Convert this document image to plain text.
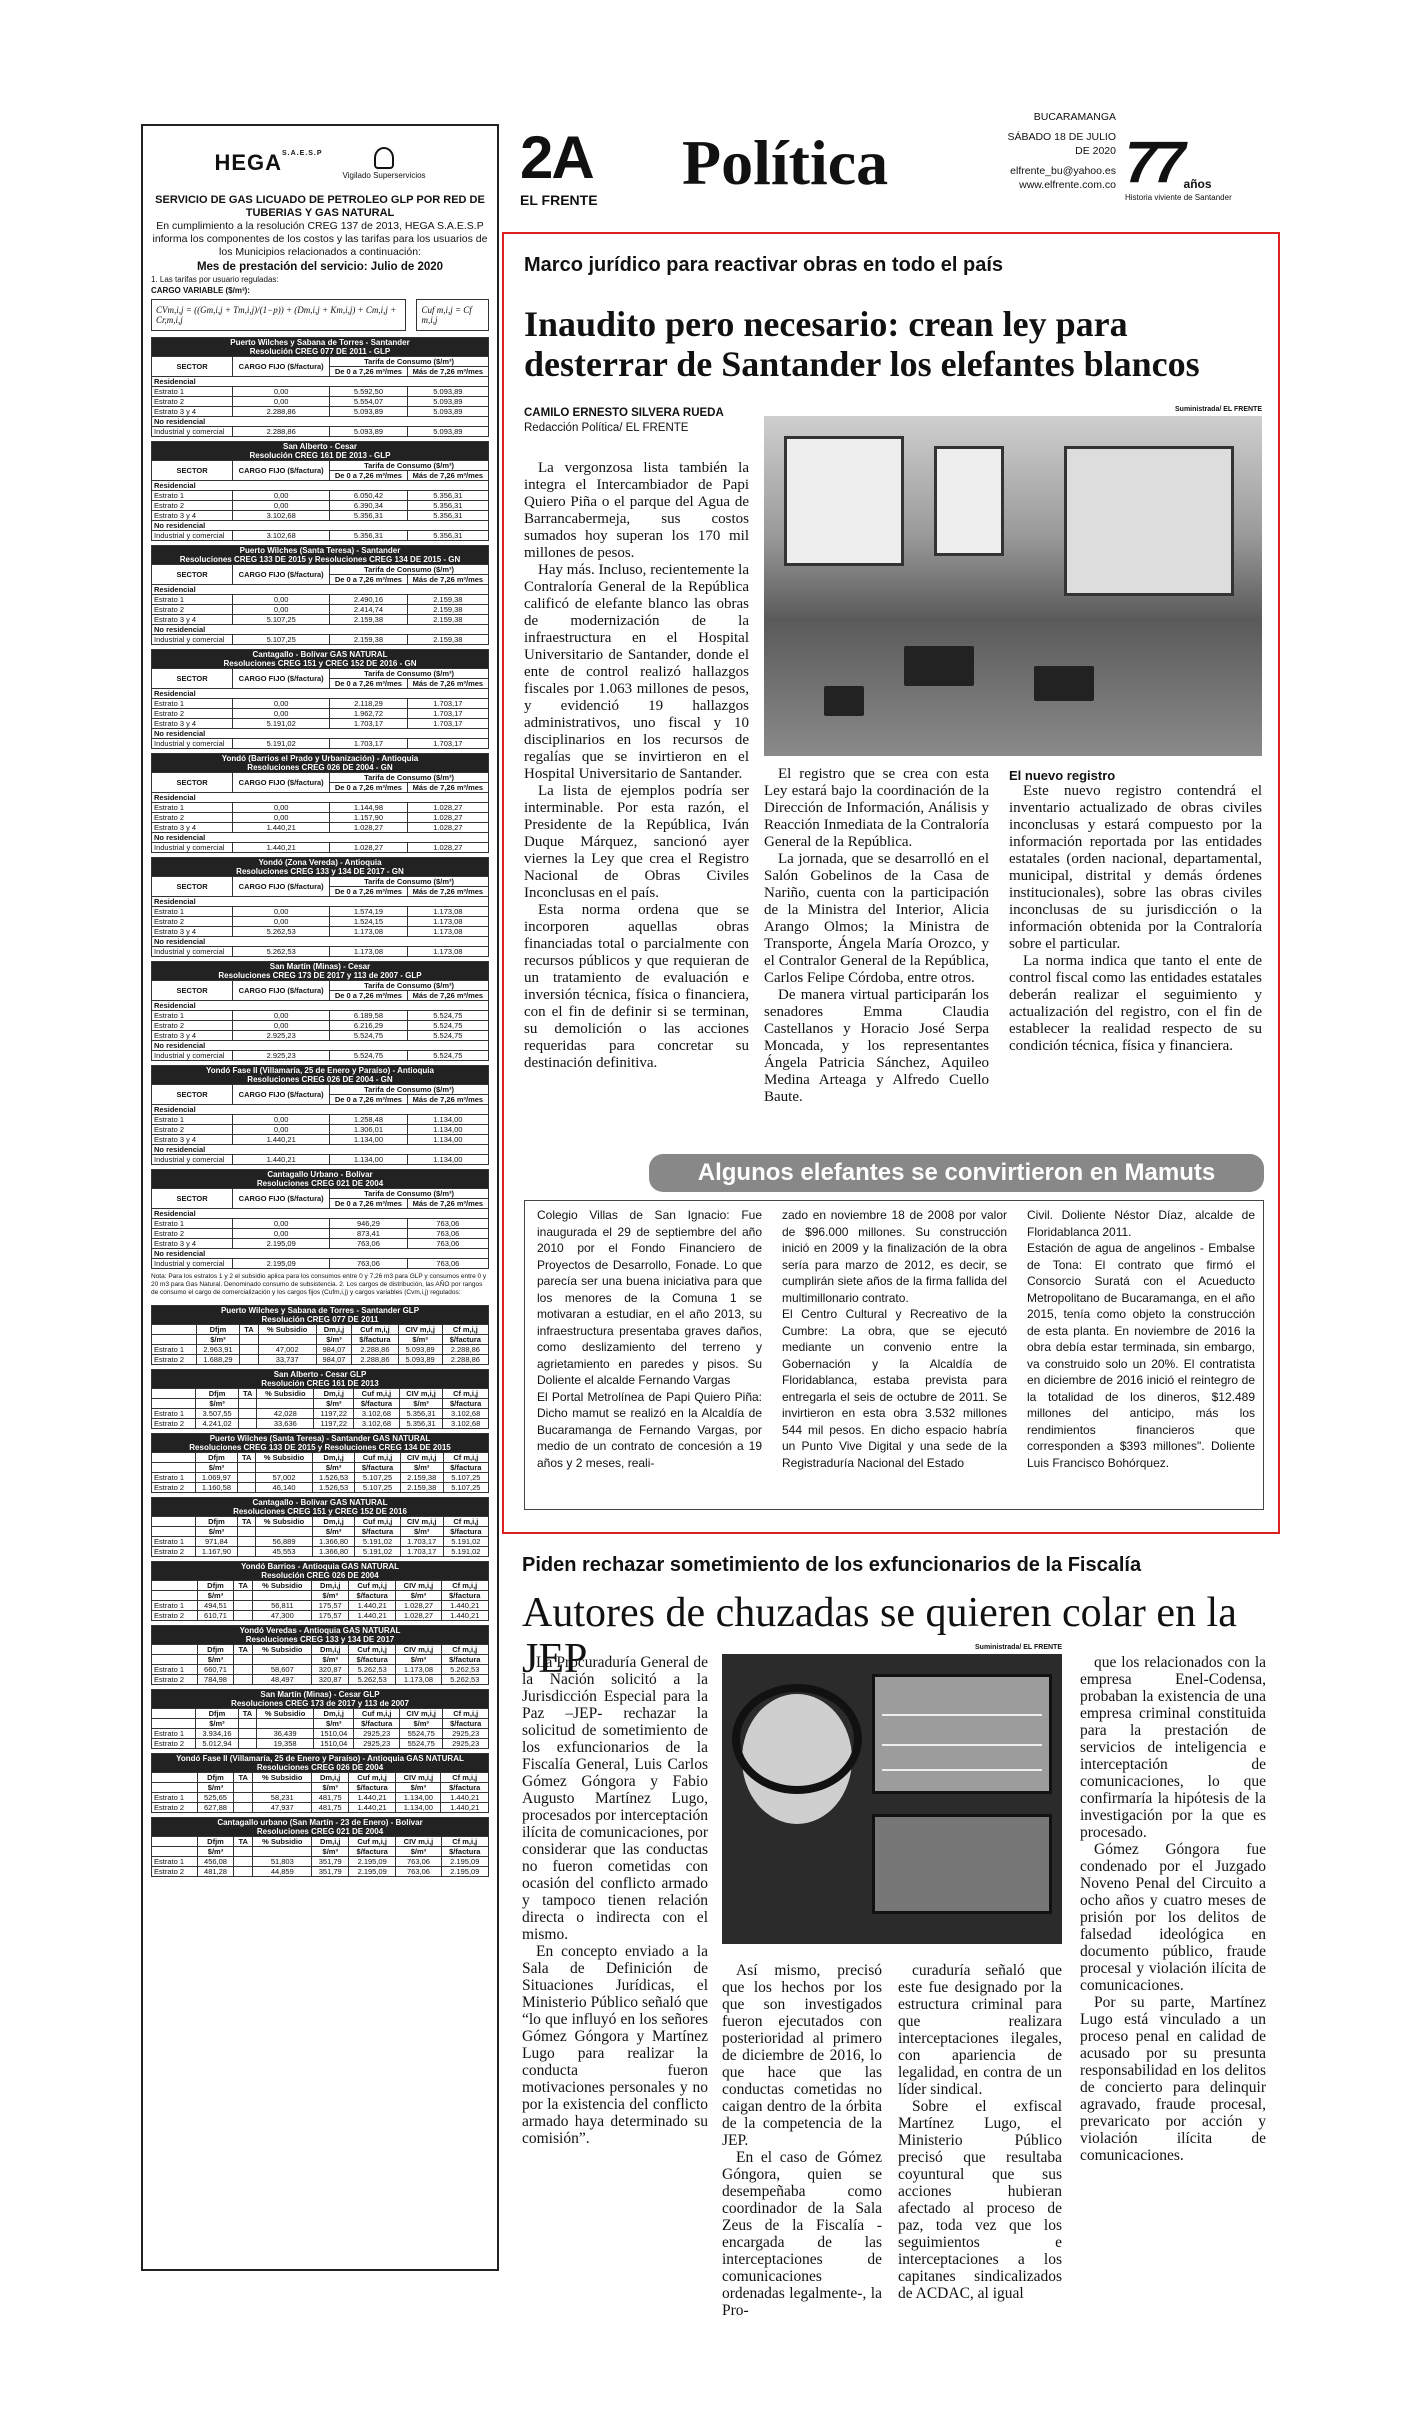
$HEGA^{S.A.E.S.P}$
Vigilado Superservicios
SERVICIO DE GAS LICUADO DE PETROLEO GLP POR RED DE TUBERIAS Y GAS NATURAL
En cumplimiento a la resolución CREG 137 de 2013, HEGA S.A.E.S.P informa los componentes de los costos y las tarifas para los usuarios de los Municipios relacionados a continuación:
Mes de prestación del servicio: Julio de 2020
1. Las tarifas por usuario reguladas:
CARGO VARIABLE ($/m³):
CVm,i,j = ((Gm,i,j + Tm,i,j)/(1−p)) + (Dm,i,j + Km,i,j) + Cm,i,j + Cr,m,i,j
Cuf m,i,j = Cf m,i,j
Puerto Wilches y Sabana de Torres - Santander
Resolución CREG 077 DE 2011 - GLP			
SECTOR	CARGO FIJO ($/factura)	Tarifa de Consumo ($/m³)	
		De 0 a 7,26 m³/mes	Más de 7,26 m³/mes
Residencial			
Estrato 1	0,00	5.592,50	5.093,89
Estrato 2	0,00	5.554,07	5.093,89
Estrato 3 y 4	2.288,86	5.093,89	5.093,89
No residencial			
Industrial y comercial	2.288,86	5.093,89	5.093,89
San Alberto - Cesar
Resolución CREG 161 DE 2013 - GLP			
SECTOR	CARGO FIJO ($/factura)	Tarifa de Consumo ($/m³)	
		De 0 a 7,26 m³/mes	Más de 7,26 m³/mes
Residencial			
Estrato 1	0,00	6.050,42	5.356,31
Estrato 2	0,00	6.390,34	5.356,31
Estrato 3 y 4	3.102,68	5.356,31	5.356,31
No residencial			
Industrial y comercial	3.102,68	5.356,31	5.356,31
Puerto Wilches (Santa Teresa) - Santander
Resoluciones CREG 133 DE 2015 y Resoluciones CREG 134 DE 2015 - GN			
SECTOR	CARGO FIJO ($/factura)	Tarifa de Consumo ($/m³)	
		De 0 a 7,26 m³/mes	Más de 7,26 m³/mes
Residencial			
Estrato 1	0,00	2.490,16	2.159,38
Estrato 2	0,00	2.414,74	2.159,38
Estrato 3 y 4	5.107,25	2.159,38	2.159,38
No residencial			
Industrial y comercial	5.107,25	2.159,38	2.159,38
Cantagallo - Bolívar GAS NATURAL
Resoluciones CREG 151 y CREG 152 DE 2016 - GN			
SECTOR	CARGO FIJO ($/factura)	Tarifa de Consumo ($/m³)	
		De 0 a 7,26 m³/mes	Más de 7,26 m³/mes
Residencial			
Estrato 1	0,00	2.118,29	1.703,17
Estrato 2	0,00	1.962,72	1.703,17
Estrato 3 y 4	5.191,02	1.703,17	1.703,17
No residencial			
Industrial y comercial	5.191,02	1.703,17	1.703,17
Yondó (Barrios el Prado y Urbanización) - Antioquia
Resoluciones CREG 026 DE 2004 - GN			
SECTOR	CARGO FIJO ($/factura)	Tarifa de Consumo ($/m³)	
		De 0 a 7,26 m³/mes	Más de 7,26 m³/mes
Residencial			
Estrato 1	0,00	1.144,98	1.028,27
Estrato 2	0,00	1.157,90	1.028,27
Estrato 3 y 4	1.440,21	1.028,27	1.028,27
No residencial			
Industrial y comercial	1.440,21	1.028,27	1.028,27
Yondó (Zona Vereda) - Antioquia
Resoluciones CREG 133 y 134 DE 2017 - GN			
SECTOR	CARGO FIJO ($/factura)	Tarifa de Consumo ($/m³)	
		De 0 a 7,26 m³/mes	Más de 7,26 m³/mes
Residencial			
Estrato 1	0,00	1.574,19	1.173,08
Estrato 2	0,00	1.524,15	1.173,08
Estrato 3 y 4	5.262,53	1.173,08	1.173,08
No residencial			
Industrial y comercial	5.262,53	1.173,08	1.173,08
San Martín (Minas) - Cesar
Resoluciones CREG 173 DE 2017 y 113 de 2007 - GLP			
SECTOR	CARGO FIJO ($/factura)	Tarifa de Consumo ($/m³)	
		De 0 a 7,26 m³/mes	Más de 7,26 m³/mes
Residencial			
Estrato 1	0,00	6.189,58	5.524,75
Estrato 2	0,00	6.216,29	5.524,75
Estrato 3 y 4	2.925,23	5.524,75	5.524,75
No residencial			
Industrial y comercial	2.925,23	5.524,75	5.524,75
Yondó Fase II (Villamaría, 25 de Enero y Paraíso) - Antioquia
Resoluciones CREG 026 DE 2004 - GN			
SECTOR	CARGO FIJO ($/factura)	Tarifa de Consumo ($/m³)	
		De 0 a 7,26 m³/mes	Más de 7,26 m³/mes
Residencial			
Estrato 1	0,00	1.258,48	1.134,00
Estrato 2	0,00	1.306,01	1.134,00
Estrato 3 y 4	1.440,21	1.134,00	1.134,00
No residencial			
Industrial y comercial	1.440,21	1.134,00	1.134,00
Cantagallo Urbano - Bolívar
Resoluciones CREG 021 DE 2004			
SECTOR	CARGO FIJO ($/factura)	Tarifa de Consumo ($/m³)	
		De 0 a 7,26 m³/mes	Más de 7,26 m³/mes
Residencial			
Estrato 1	0,00	946,29	763,06
Estrato 2	0,00	873,41	763,06
Estrato 3 y 4	2.195,09	763,06	763,06
No residencial			
Industrial y comercial	2.195,09	763,06	763,06
Nota: Para los estratos 1 y 2 el subsidio aplica para los consumos entre 0 y 7,26 m3 para GLP y consumos entre 0 y 20 m3 para Gas Natural. Denominado consumo de subsistencia. 2. Los cargos de distribución, las AÑO por rangos de consumo el cargo de comercialización y los cargos fijos (Cufm,i,j) y cargos variables (Cvm,i,j) regulados:
Puerto Wilches y Sabana de Torres - Santander GLP
Resolución CREG 077 DE 2011							
	Dfjm	TA	% Subsidio	Dm,i,j	Cuf m,i,j	CIV m,i,j	Cf m,i,j
	$/m³			$/m³	$/factura	$/m³	$/factura
Estrato 1	2.963,91		47,002	984,07	2.288,86	5.093,89	2.288,86
Estrato 2	1.688,29		33,737	984,07	2.288,86	5.093,89	2.288,86
San Alberto - Cesar GLP
Resolución CREG 161 DE 2013							
	Dfjm	TA	% Subsidio	Dm,i,j	Cuf m,i,j	CIV m,i,j	Cf m,i,j
	$/m³			$/m³	$/factura	$/m³	$/factura
Estrato 1	3.507,55		42,028	1197,22	3.102,68	5.356,31	3.102,68
Estrato 2	4.241,02		33,636	1197,22	3.102,68	5.356,31	3.102,68
Puerto Wilches (Santa Teresa) - Santander GAS NATURAL
Resoluciones CREG 133 DE 2015 y Resoluciones CREG 134 DE 2015							
	Dfjm	TA	% Subsidio	Dm,i,j	Cuf m,i,j	CIV m,i,j	Cf m,i,j
	$/m³			$/m³	$/factura	$/m³	$/factura
Estrato 1	1.069,97		57,002	1.526,53	5.107,25	2.159,38	5.107,25
Estrato 2	1.160,58		46,140	1.526,53	5.107,25	2.159,38	5.107,25
Cantagallo - Bolívar GAS NATURAL
Resoluciones CREG 151 y CREG 152 DE 2016							
	Dfjm	TA	% Subsidio	Dm,i,j	Cuf m,i,j	CIV m,i,j	Cf m,i,j
	$/m³			$/m³	$/factura	$/m³	$/factura
Estrato 1	971,84		56,889	1.366,80	5.191,02	1.703,17	5.191,02
Estrato 2	1.167,90		45,553	1.366,80	5.191,02	1.703,17	5.191,02
Yondó Barrios - Antioquia GAS NATURAL
Resolución CREG 026 DE 2004							
	Dfjm	TA	% Subsidio	Dm,i,j	Cuf m,i,j	CIV m,i,j	Cf m,i,j
	$/m³			$/m³	$/factura	$/m³	$/factura
Estrato 1	494,51		56,811	175,57	1.440,21	1.028,27	1.440,21
Estrato 2	610,71		47,300	175,57	1.440,21	1.028,27	1.440,21
Yondó Veredas - Antioquia GAS NATURAL
Resoluciones CREG 133 y 134 DE 2017							
	Dfjm	TA	% Subsidio	Dm,i,j	Cuf m,i,j	CIV m,i,j	Cf m,i,j
	$/m³			$/m³	$/factura	$/m³	$/factura
Estrato 1	660,71		58,607	320,87	5.262,53	1.173,08	5.262,53
Estrato 2	784,98		48,497	320,87	5.262,53	1.173,08	5.262,53
San Martín (Minas) - Cesar GLP
Resoluciones CREG 173 de 2017 y 113 de 2007							
	Dfjm	TA	% Subsidio	Dm,i,j	Cuf m,i,j	CIV m,i,j	Cf m,i,j
	$/m³			$/m³	$/factura	$/m³	$/factura
Estrato 1	3.934,16		36,439	1510,04	2925,23	5524,75	2925,23
Estrato 2	5.012,94		19,358	1510,04	2925,23	5524,75	2925,23
Yondó Fase II (Villamaría, 25 de Enero y Paraíso) - Antioquia GAS NATURAL
Resoluciones CREG 026 DE 2004							
	Dfjm	TA	% Subsidio	Dm,i,j	Cuf m,i,j	CIV m,i,j	Cf m,i,j
	$/m³			$/m³	$/factura	$/m³	$/factura
Estrato 1	525,65		58,231	481,75	1.440,21	1.134,00	1.440,21
Estrato 2	627,88		47,937	481,75	1.440,21	1.134,00	1.440,21
Cantagallo urbano (San Martín - 23 de Enero) - Bolívar
Resoluciones CREG 021 DE 2004							
	Dfjm	TA	% Subsidio	Dm,i,j	Cuf m,i,j	CIV m,i,j	Cf m,i,j
	$/m³			$/m³	$/factura	$/m³	$/factura
Estrato 1	456,08		51,803	351,79	2.195,09	763,06	2.195,09
Estrato 2	481,28		44,859	351,79	2.195,09	763,06	2.195,09
2A
EL FRENTE
Política
BUCARAMANGA
SÁBADO 18 DE JULIO DE 2020
elfrente_bu@yahoo.es
www.elfrente.com.co 77 años
Historia viviente de Santander
Marco jurídico para reactivar obras en todo el país
Inaudito pero necesario: crean ley para desterrar de Santander los elefantes blancos
CAMILO ERNESTO SILVERA RUEDA
Redacción Política/ EL FRENTE
Suministrada/ EL FRENTE

La vergonzosa lista también la integra el Intercambiador de Papi Quiero Piña o el parque del Agua de Barrancabermeja, sus costos sumados hoy superan los 170 mil millones de pesos.

Hay más. Incluso, recientemente la Contraloría General de la República calificó de elefante blanco las obras de modernización de la infraestructura en el Hospital Universitario de Santander, donde el ente de control realizó hallazgos fiscales por 1.063 millones de pesos, y evidenció 19 hallazgos administrativos, uno fiscal y 10 disciplinarios en los recursos de regalías que se invirtieron en el Hospital Universitario de Santander.

La lista de ejemplos podría ser interminable. Por esta razón, el Presidente de la República, Iván Duque Márquez, sancionó ayer viernes la Ley que crea el Registro Nacional de Obras Civiles Inconclusas en el país.

Esta norma ordena que se incorporen aquellas obras financiadas total o parcialmente con recursos públicos y que requieran de un tratamiento de evaluación e inversión técnica, física o financiera, con el fin de definir si se terminan, su demolición o las acciones requeridas para concretar su destinación definitiva.

El registro que se crea con esta Ley estará bajo la coordinación de la Dirección de Información, Análisis y Reacción Inmediata de la Contraloría General de la República.

La jornada, que se desarrolló en el Salón Gobelinos de la Casa de Nariño, cuenta con la participación de la Ministra del Interior, Alicia Arango Olmos; la Ministra de Transporte, Ángela María Orozco, y el Contralor General de la República, Carlos Felipe Córdoba, entre otros.

De manera virtual participarán los senadores Emma Claudia Castellanos y Horacio José Serpa Moncada, y los representantes Ángela Patricia Sánchez, Aquileo Medina Arteaga y Alfredo Cuello Baute.

El nuevo registro

Este nuevo registro contendrá el inventario actualizado de obras civiles inconclusas y estará compuesto por la información reportada por las entidades estatales (orden nacional, departamental, municipal, distrital y demás órdenes institucionales), sobre las obras civiles inconclusas de su jurisdicción o la información obtenida por la Contraloría sobre el particular.

La norma indica que tanto el ente de control fiscal como las entidades estatales deberán realizar el seguimiento y actualización del registro, con el fin de establecer la realidad respecto de su condición técnica, física y financiera.

Algunos elefantes se convirtieron en Mamuts
Colegio Villas de San Ignacio: Fue inaugurada el 29 de septiembre del año 2010 por el Fondo Financiero de Proyectos de Desarrollo, Fonade. Lo que parecía ser una buena iniciativa para que los menores de la Comuna 1 se motivaran a estudiar, en el año 2013, su infraestructura presentaba graves daños, como deslizamiento del terreno y agrietamiento en paredes y pisos. Su Doliente el alcalde Fernando Vargas
El Portal Metrolínea de Papi Quiero Piña: Dicho mamut se realizó en la Alcaldía de Bucaramanga de Fernando Vargas, por medio de un contrato de concesión a 19 años y 2 meses, reali-
zado en noviembre 18 de 2008 por valor de $96.000 millones. Su construcción inició en 2009 y la finalización de la obra sería para marzo de 2012, es decir, se cumplirán siete años de la firma fallida del multimillonario contrato.
El Centro Cultural y Recreativo de la Cumbre: La obra, que se ejecutó mediante un convenio entre la Gobernación y la Alcaldía de Floridablanca, estaba prevista para entregarla el seis de octubre de 2011. Se invirtieron en esta obra 3.532 millones 544 mil pesos. En dicho espacio habría un Punto Vive Digital y una sede de la Registraduría Nacional del Estado
Civil. Doliente Néstor Díaz, alcalde de Floridablanca 2011.
Estación de agua de angelinos - Embalse de Tona: El contrato que firmó el Consorcio Suratá con el Acueducto Metropolitano de Bucaramanga, en el año 2015, tenía como objeto la construcción de esta planta. En noviembre de 2016 la obra debía estar terminada, sin embargo, va construido solo un 20%. El contratista en diciembre de 2016 inició el reintegro de la totalidad de los dineros, $12.489 millones del anticipo, más los rendimientos financieros que corresponden a $393 millones". Doliente Luis Francisco Bohórquez.
Piden rechazar sometimiento de los exfuncionarios de la Fiscalía
Autores de chuzadas se quieren colar en la JEP	Suministrada/ EL FRENTE

La Procuraduría General de la Nación solicitó a la Jurisdicción Especial para la Paz –JEP- rechazar la solicitud de sometimiento de los exfuncionarios de la Fiscalía General, Luis Carlos Gómez Góngora y Fabio Augusto Martínez Lugo, procesados por interceptación ilícita de comunicaciones, por considerar que las conductas no fueron cometidas con ocasión del conflicto armado y tampoco tienen relación directa o indirecta con el mismo.

En concepto enviado a la Sala de Definición de Situaciones Jurídicas, el Ministerio Público señaló que “lo que influyó en los señores Gómez Góngora y Martínez Lugo para realizar la conducta fueron motivaciones personales y no por la existencia del conflicto armado haya determinado su comisión”.

Así mismo, precisó que los hechos por los que son investigados fueron ejecutados con posterioridad al primero de diciembre de 2016, lo que hace que las conductas cometidas no caigan dentro de la órbita de la competencia de la JEP.

En el caso de Gómez Góngora, quien se desempeñaba como coordinador de la Sala Zeus de la Fiscalía -encargada de las interceptaciones de comunicaciones ordenadas legalmente-, la Pro-

curaduría señaló que este fue designado por la estructura criminal para que realizara interceptaciones ilegales, con apariencia de legalidad, en contra de un líder sindical.

Sobre el exfiscal Martínez Lugo, el Ministerio Público precisó que resultaba coyuntural que sus acciones hubieran afectado al proceso de paz, toda vez que los seguimientos e interceptaciones a los capitanes sindicalizados de ACDAC, al igual

que los relacionados con la empresa Enel-Codensa, probaban la existencia de una empresa criminal constituida para la prestación de servicios de inteligencia e interceptación de comunicaciones, lo que confirmaría la hipótesis de la investigación por la que es procesado.

Gómez Góngora fue condenado por el Juzgado Noveno Penal del Circuito a ocho años y cuatro meses de prisión por los delitos de falsedad ideológica en documento público, fraude procesal y violación ilícita de comunicaciones.

Por su parte, Martínez Lugo está vinculado a un proceso penal en calidad de acusado por su presunta responsabilidad en los delitos de concierto para delinquir agravado, fraude procesal, prevaricato por acción y violación ilícita de comunicaciones.
